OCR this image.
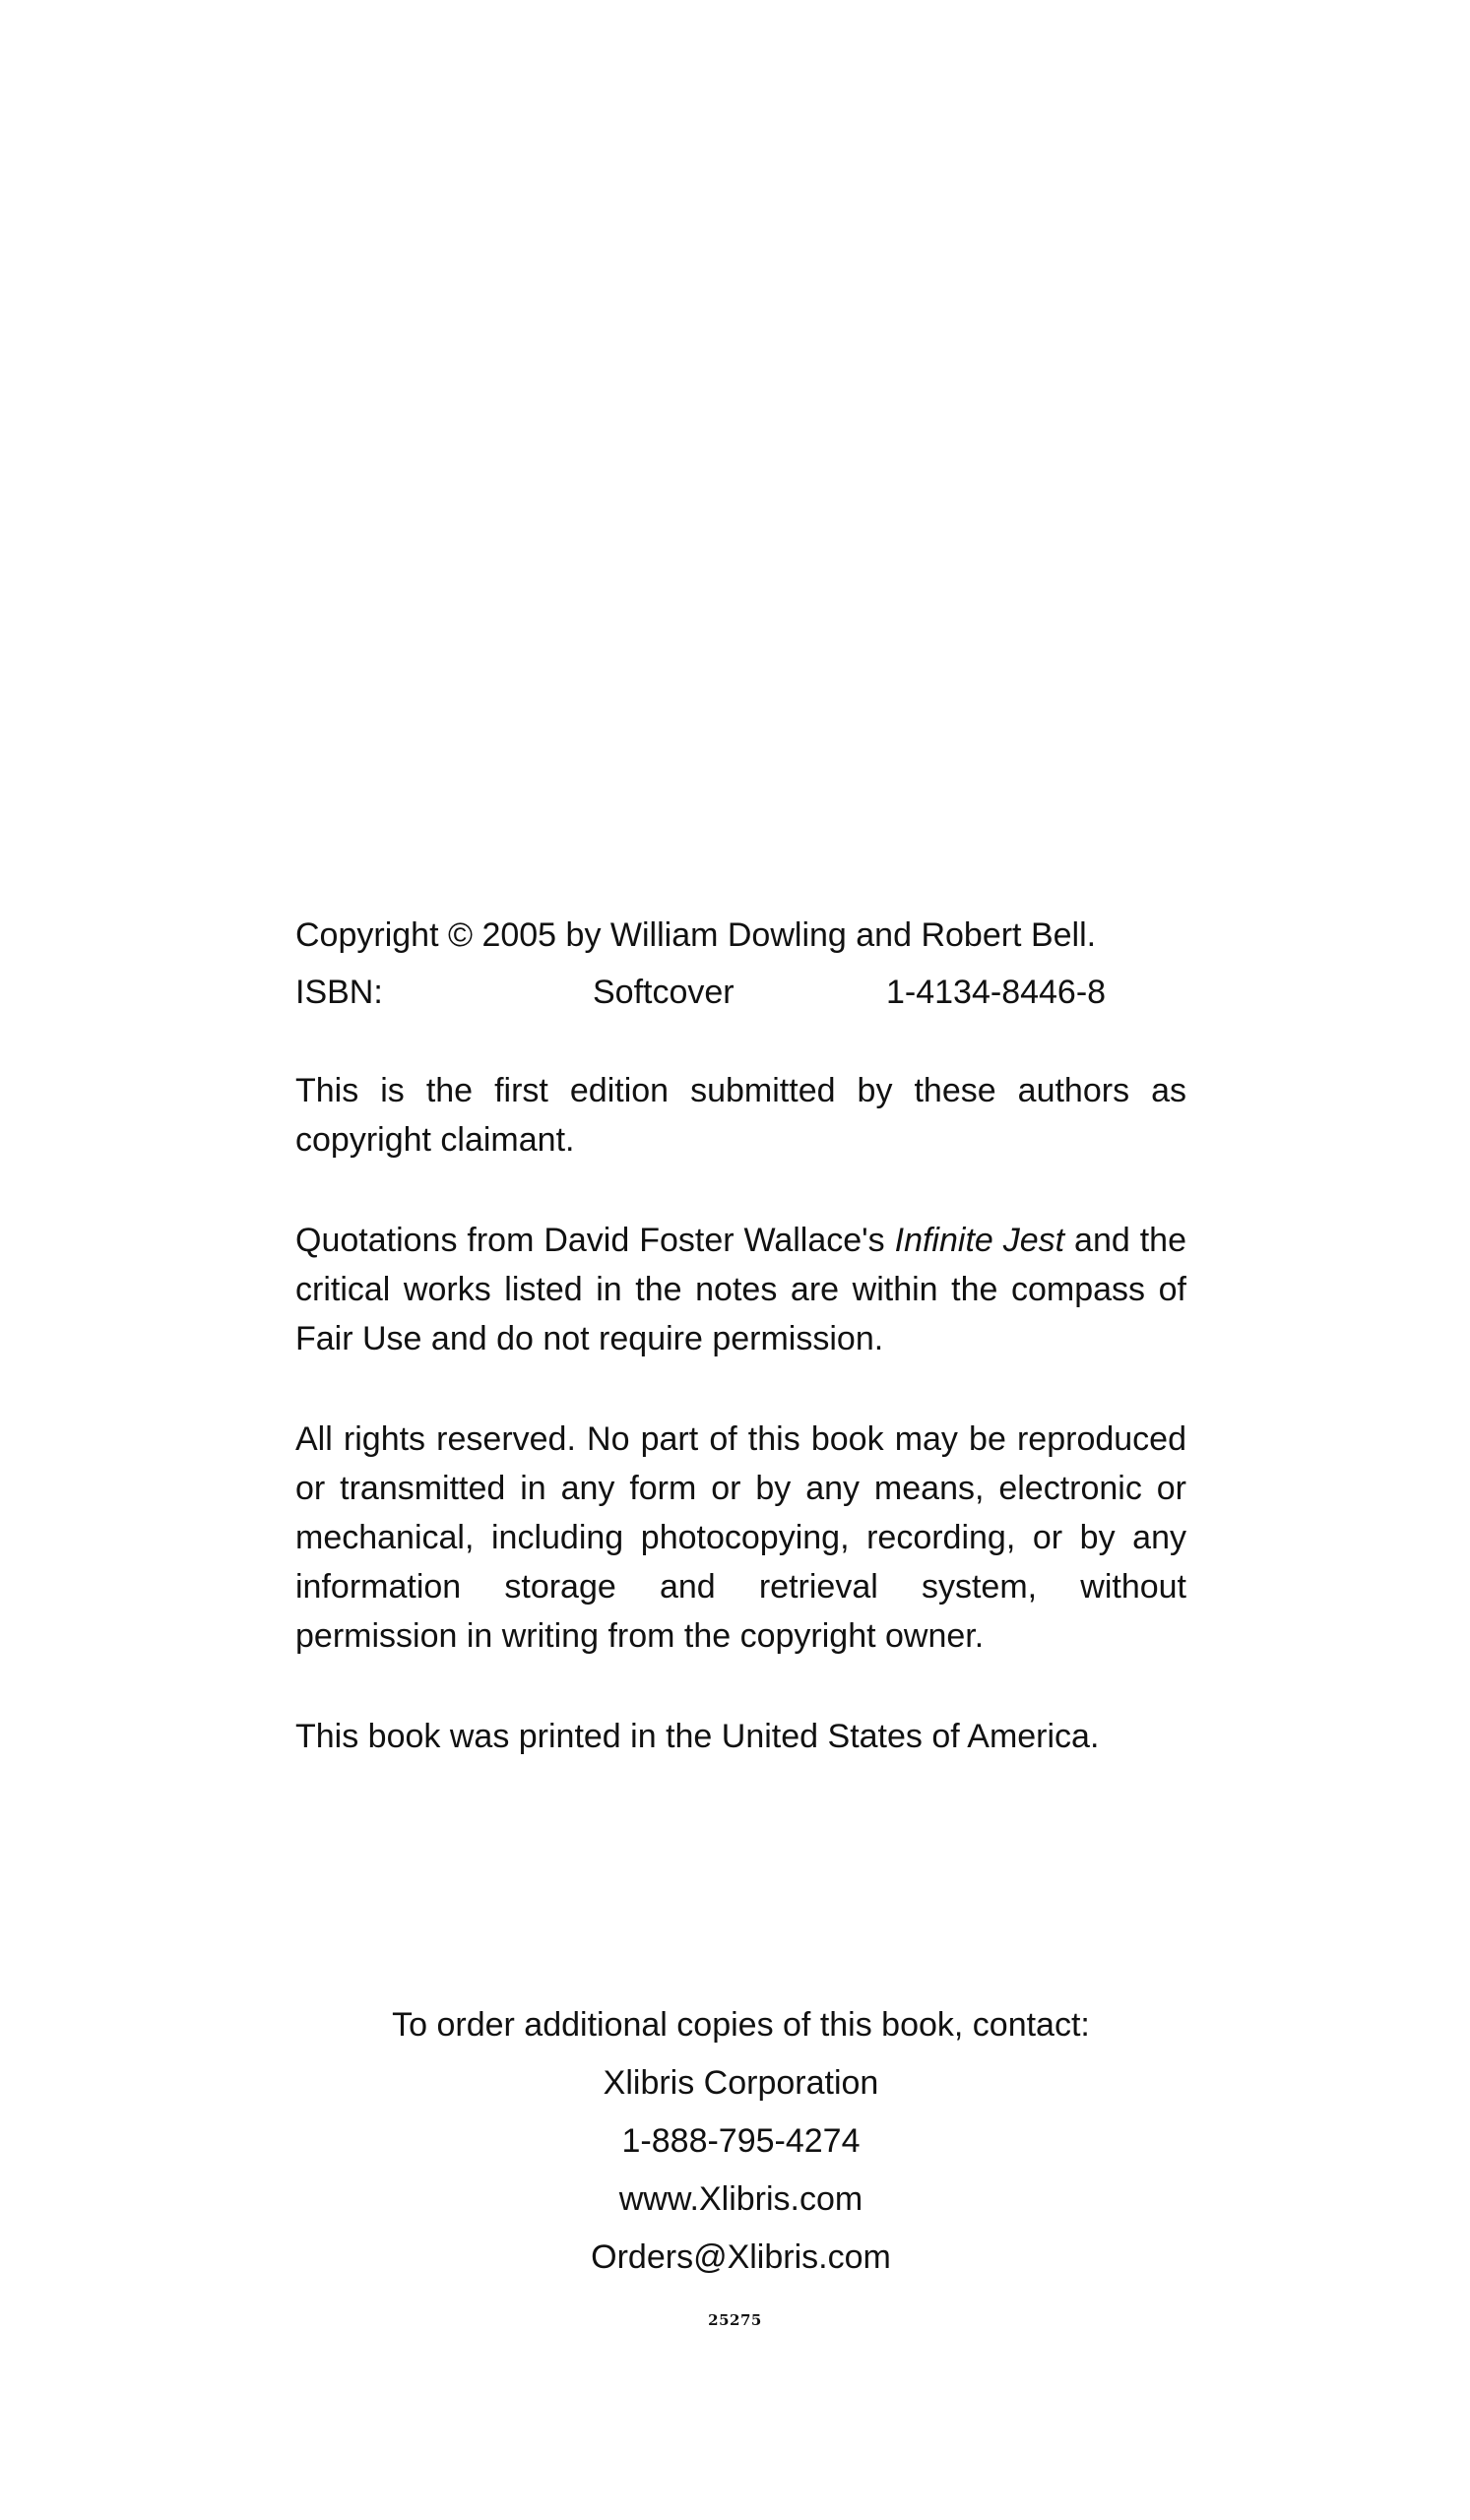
Copyright © 2005 by William Dowling and Robert Bell.
ISBN:	Softcover	1-4134-8446-8

This is the first edition submitted by these authors as copyright claimant.

Quotations from David Foster Wallace's Infinite Jest and the critical works listed in the notes are within the compass of Fair Use and do not require permission.

All rights reserved. No part of this book may be reproduced or transmitted in any form or by any means, electronic or mechanical, including photocopying, recording, or by any information storage and retrieval system, without permission in writing from the copyright owner.

This book was printed in the United States of America.

To order additional copies of this book, contact:
Xlibris Corporation
1-888-795-4274
www.Xlibris.com
Orders@Xlibris.com
25275
